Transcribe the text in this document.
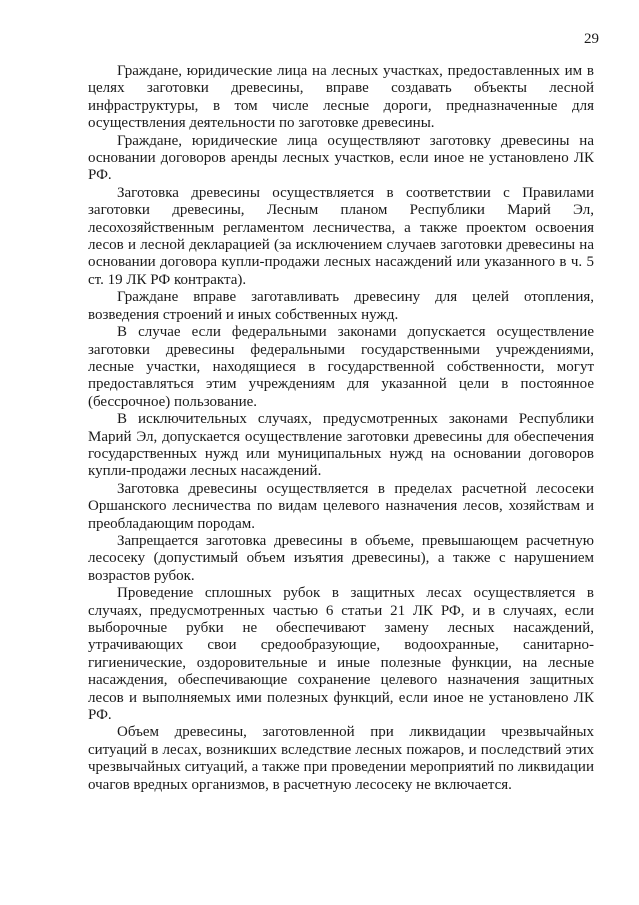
29

Граждане, юридические лица на лесных участках, предоставленных им в целях заготовки древесины, вправе создавать объекты лесной инфраструктуры, в том числе лесные дороги, предназначенные для осуществления деятельности по заготовке древесины.

Граждане, юридические лица осуществляют заготовку древесины на основании договоров аренды лесных участков, если иное не установлено ЛК РФ.

Заготовка древесины осуществляется в соответствии с Правилами заготовки древесины, Лесным планом Республики Марий Эл, лесохозяйственным регламентом лесничества, а также проектом освоения лесов и лесной декларацией (за исключением случаев заготовки древесины на основании договора купли-продажи лесных насаждений или указанного в ч. 5 ст. 19 ЛК РФ контракта).

Граждане вправе заготавливать древесину для целей отопления, возведения строений и иных собственных нужд.

В случае если федеральными законами допускается осуществление заготовки древесины федеральными государственными учреждениями, лесные участки, находящиеся в государственной собственности, могут предоставляться этим учреждениям для указанной цели в постоянное (бессрочное) пользование.

В исключительных случаях, предусмотренных законами Республики Марий Эл, допускается осуществление заготовки древесины для обеспечения государственных нужд или муниципальных нужд на основании договоров купли-продажи лесных насаждений.

Заготовка древесины осуществляется в пределах расчетной лесосеки Оршанского лесничества по видам целевого назначения лесов, хозяйствам и преобладающим породам.

Запрещается заготовка древесины в объеме, превышающем расчетную лесосеку (допустимый объем изъятия древесины), а также с нарушением возрастов рубок.

Проведение сплошных рубок в защитных лесах осуществляется в случаях, предусмотренных частью 6 статьи 21 ЛК РФ, и в случаях, если выборочные рубки не обеспечивают замену лесных насаждений, утрачивающих свои средообразующие, водоохранные, санитарно-гигиенические, оздоровительные и иные полезные функции, на лесные насаждения, обеспечивающие сохранение целевого назначения защитных лесов и выполняемых ими полезных функций, если иное не установлено ЛК РФ.

Объем древесины, заготовленной при ликвидации чрезвычайных ситуаций в лесах, возникших вследствие лесных пожаров, и последствий этих чрезвычайных ситуаций, а также при проведении мероприятий по ликвидации очагов вредных организмов, в расчетную лесосеку не включается.
